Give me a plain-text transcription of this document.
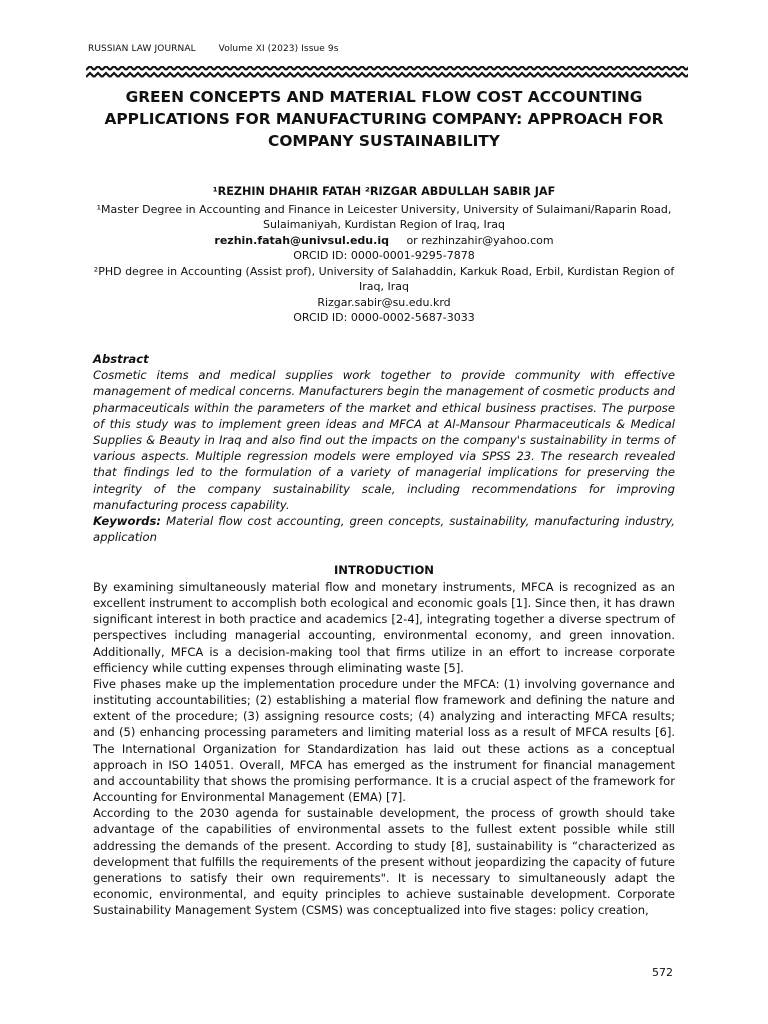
RUSSIAN LAW JOURNAL	Volume XI (2023) Issue 9s
GREEN CONCEPTS AND MATERIAL FLOW COST ACCOUNTING APPLICATIONS FOR MANUFACTURING COMPANY: APPROACH FOR COMPANY SUSTAINABILITY
¹REZHIN DHAHIR FATAH ²RIZGAR ABDULLAH SABIR JAF
¹Master Degree in Accounting and Finance in Leicester University, University of Sulaimani/Raparin Road, Sulaimaniyah, Kurdistan Region of Iraq, Iraq
rezhin.fatah@univsul.edu.iq or rezhinzahir@yahoo.com
ORCID ID: 0000-0001-9295-7878
²PHD degree in Accounting (Assist prof), University of Salahaddin, Karkuk Road, Erbil, Kurdistan Region of Iraq, Iraq
Rizgar.sabir@su.edu.krd
ORCID ID: 0000-0002-5687-3033
Abstract
Cosmetic items and medical supplies work together to provide community with effective management of medical concerns. Manufacturers begin the management of cosmetic products and pharmaceuticals within the parameters of the market and ethical business practises. The purpose of this study was to implement green ideas and MFCA at Al-Mansour Pharmaceuticals & Medical Supplies & Beauty in Iraq and also find out the impacts on the company's sustainability in terms of various aspects. Multiple regression models were employed via SPSS 23. The research revealed that findings led to the formulation of a variety of managerial implications for preserving the integrity of the company sustainability scale, including recommendations for improving manufacturing process capability.
Keywords: Material flow cost accounting, green concepts, sustainability, manufacturing industry, application
INTRODUCTION

By examining simultaneously material flow and monetary instruments, MFCA is recognized as an excellent instrument to accomplish both ecological and economic goals [1]. Since then, it has drawn significant interest in both practice and academics [2-4], integrating together a diverse spectrum of perspectives including managerial accounting, environmental economy, and green innovation. Additionally, MFCA is a decision-making tool that firms utilize in an effort to increase corporate efficiency while cutting expenses through eliminating waste [5].

Five phases make up the implementation procedure under the MFCA: (1) involving governance and instituting accountabilities; (2) establishing a material flow framework and defining the nature and extent of the procedure; (3) assigning resource costs; (4) analyzing and interacting MFCA results; and (5) enhancing processing parameters and limiting material loss as a result of MFCA results [6]. The International Organization for Standardization has laid out these actions as a conceptual approach in ISO 14051. Overall, MFCA has emerged as the instrument for financial management and accountability that shows the promising performance. It is a crucial aspect of the framework for Accounting for Environmental Management (EMA) [7].

According to the 2030 agenda for sustainable development, the process of growth should take advantage of the capabilities of environmental assets to the fullest extent possible while still addressing the demands of the present. According to study [8], sustainability is “characterized as development that fulfills the requirements of the present without jeopardizing the capacity of future generations to satisfy their own requirements". It is necessary to simultaneously adapt the economic, environmental, and equity principles to achieve sustainable development. Corporate Sustainability Management System (CSMS) was conceptualized into five stages: policy creation,

572
